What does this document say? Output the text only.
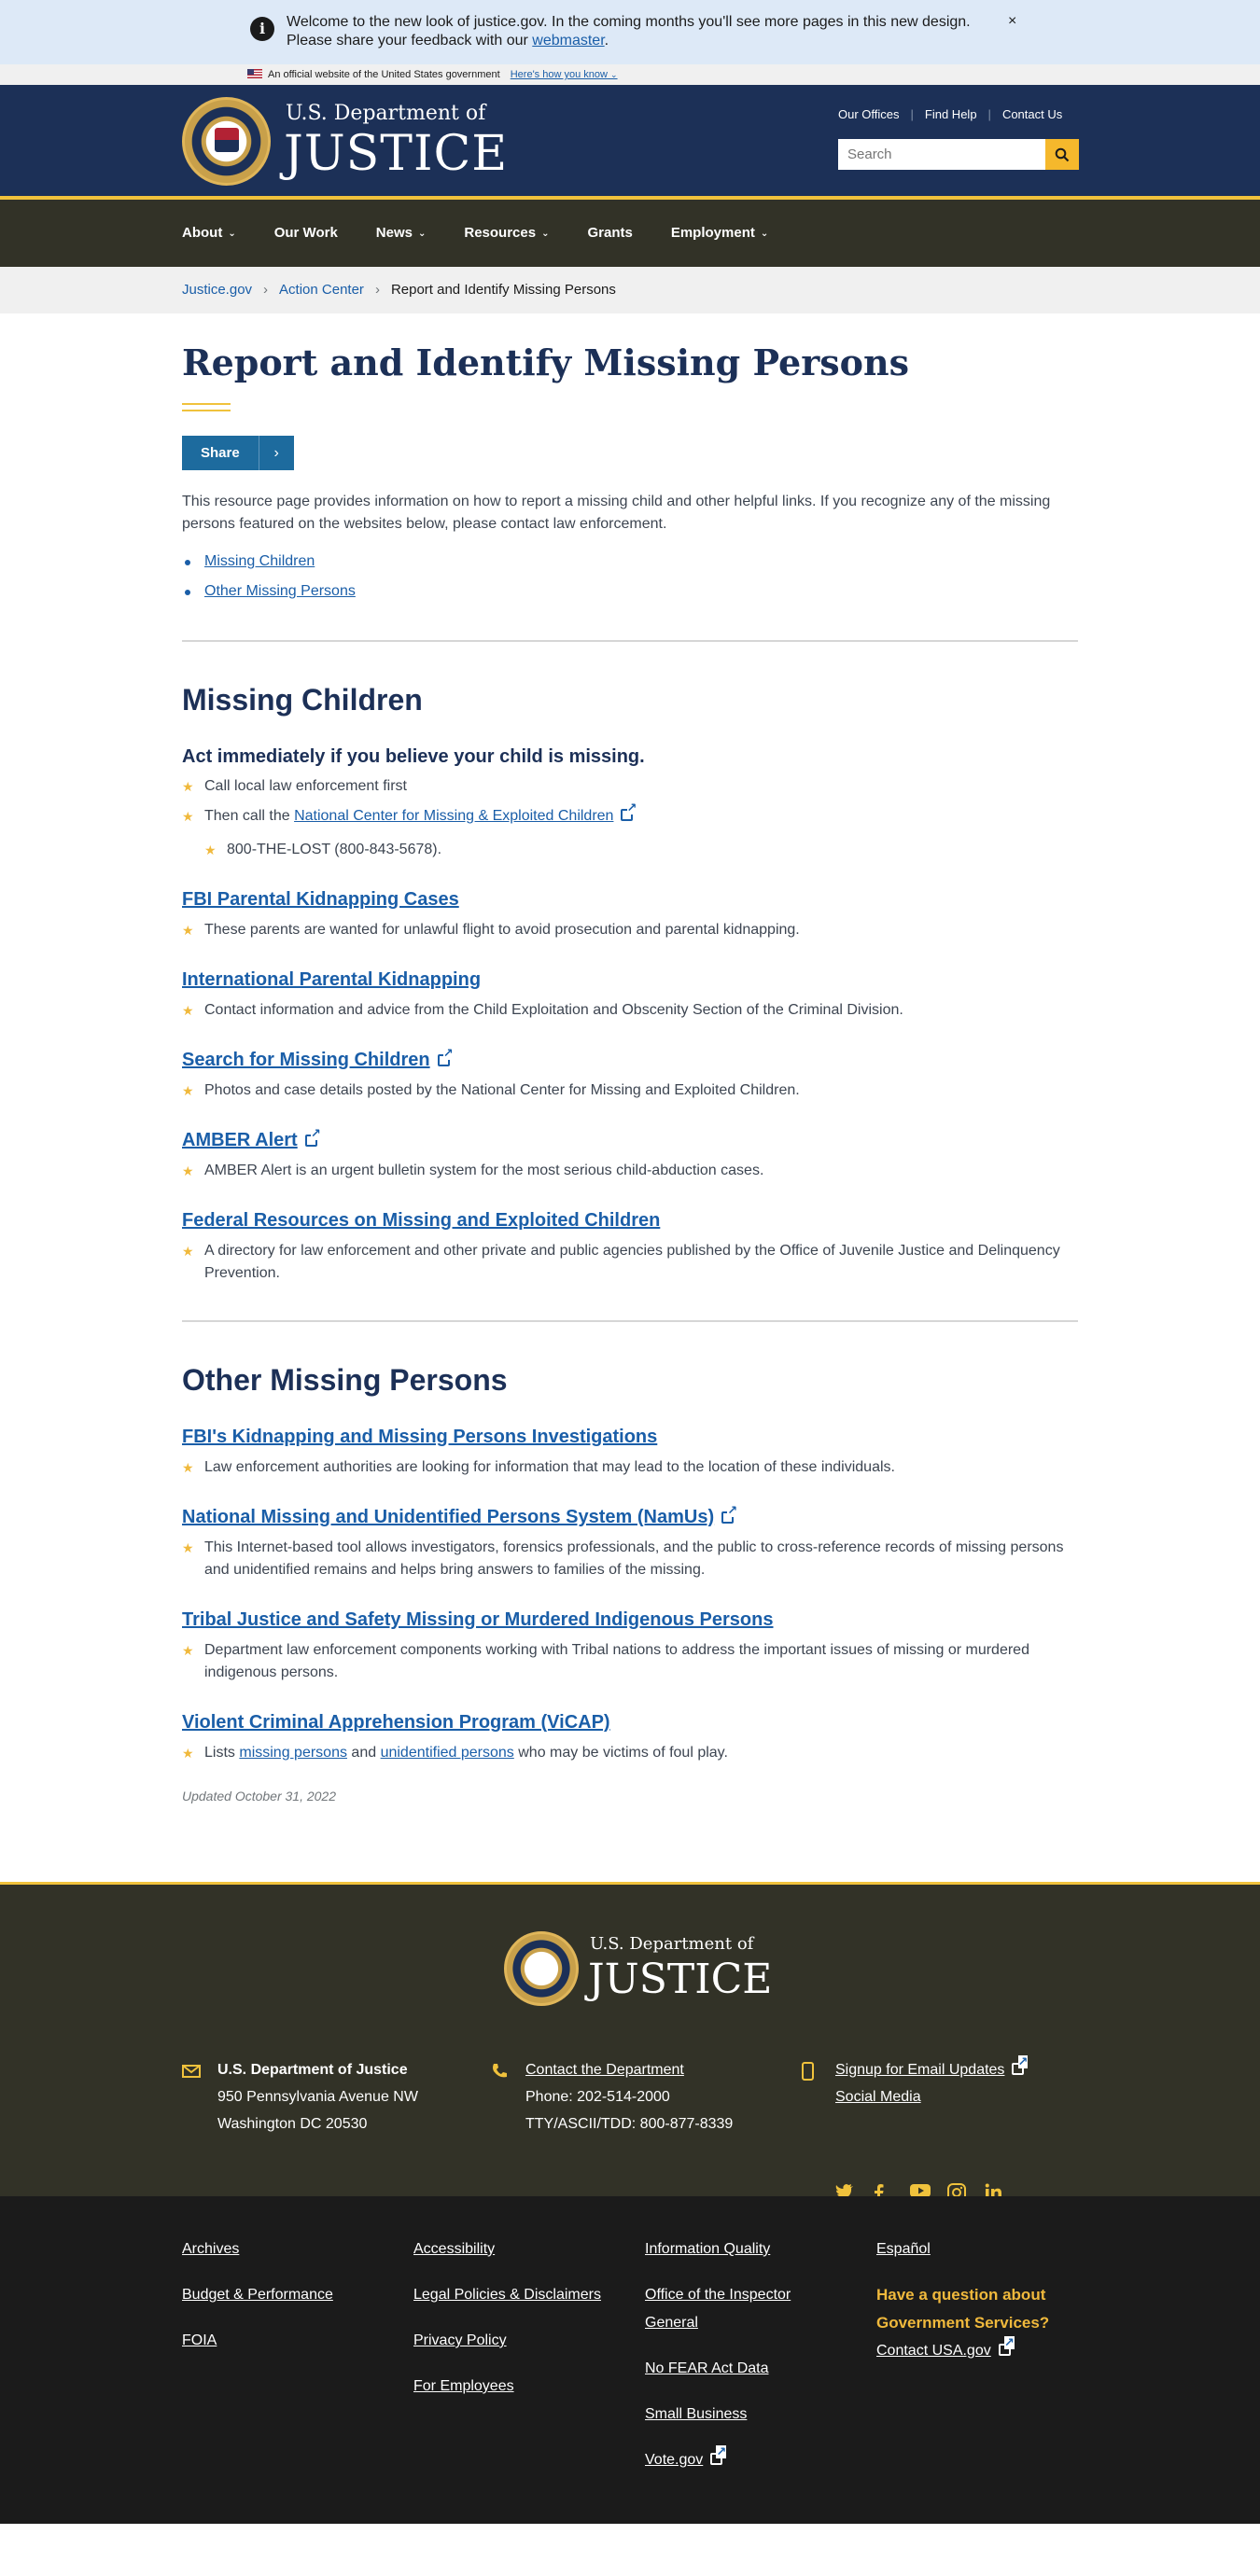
i	Welcome to the new look of justice.gov. In the coming months you'll see more pages in this new design. Please share your feedback with our webmaster.
×
An official website of the United States government Here's how you know ⌄
U.S. Department of
JUSTICE
Our Offices | Find Help | Contact Us
Search
About ⌄	Our Work	News ⌄	Resources ⌄	Grants	Employment ⌄
Justice.gov › Action Center › Report and Identify Missing Persons
Report and Identify Missing Persons
Share	›

This resource page provides information on how to report a missing child and other helpful links. If you recognize any of the missing persons featured on the websites below, please contact law enforcement.

Missing Children
Other Missing Persons
Missing Children
Act immediately if you believe your child is missing.
★ Call local law enforcement first
★ Then call the National Center for Missing & Exploited Children↗
★ 800-THE-LOST (800-843-5678).
FBI Parental Kidnapping Cases
★ These parents are wanted for unlawful flight to avoid prosecution and parental kidnapping.
International Parental Kidnapping
★ Contact information and advice from the Child Exploitation and Obscenity Section of the Criminal Division.
Search for Missing Children↗
★ Photos and case details posted by the National Center for Missing and Exploited Children.
AMBER Alert↗
★ AMBER Alert is an urgent bulletin system for the most serious child-abduction cases.
Federal Resources on Missing and Exploited Children
★ A directory for law enforcement and other private and public agencies published by the Office of Juvenile Justice and Delinquency Prevention.
Other Missing Persons
FBI's Kidnapping and Missing Persons Investigations
★ Law enforcement authorities are looking for information that may lead to the location of these individuals.
National Missing and Unidentified Persons System (NamUs)↗
★ This Internet-based tool allows investigators, forensics professionals, and the public to cross-reference records of missing persons and unidentified remains and helps bring answers to families of the missing.
Tribal Justice and Safety Missing or Murdered Indigenous Persons
★ Department law enforcement components working with Tribal nations to address the important issues of missing or murdered indigenous persons.
Violent Criminal Apprehension Program (ViCAP)
★ Lists missing persons and unidentified persons who may be victims of foul play.

Updated October 31, 2022

U.S. Department of
JUSTICE
U.S. Department of Justice
950 Pennsylvania Avenue NW
Washington DC 20530
Contact the Department
Phone: 202-514-2000
TTY/ASCII/TDD: 800-877-8339
Signup for Email Updates↗
Social Media
Archives
Budget & Performance
FOIA
Accessibility
Legal Policies & Disclaimers
Privacy Policy
For Employees
Information Quality
Office of the Inspector General
No FEAR Act Data
Small Business
Vote.gov↗
Español
Have a question about Government Services?
Contact USA.gov↗
